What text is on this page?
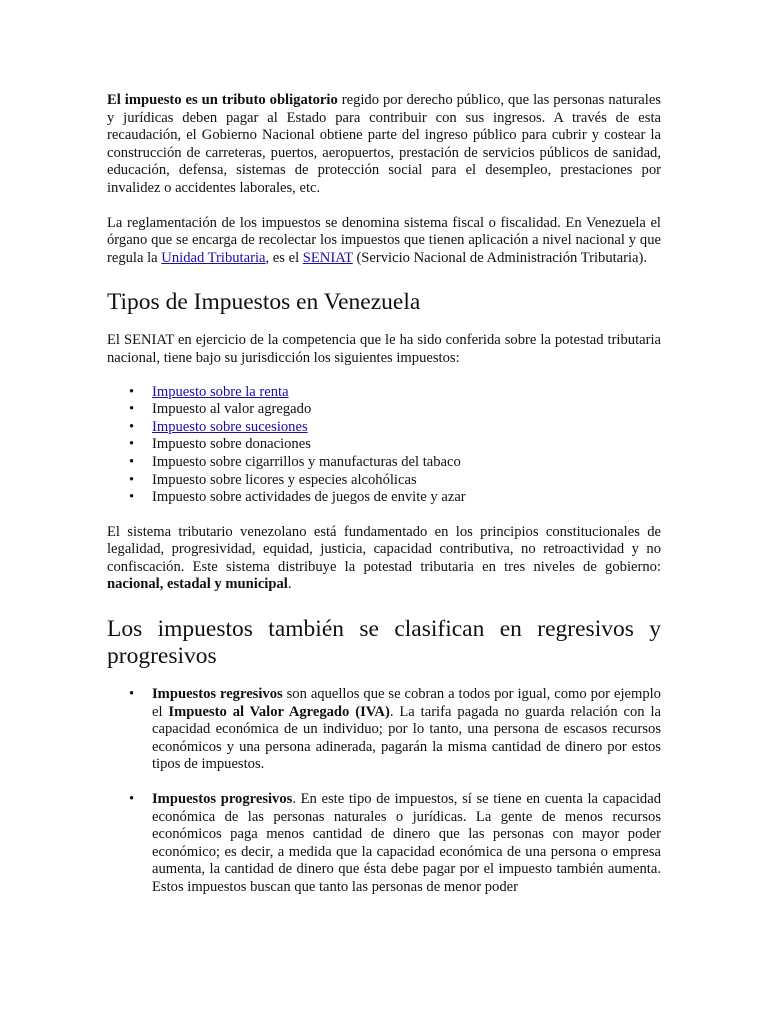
El impuesto es un tributo obligatorio regido por derecho público, que las personas naturales y jurídicas deben pagar al Estado para contribuir con sus ingresos. A través de esta recaudación, el Gobierno Nacional obtiene parte del ingreso público para cubrir y costear la construcción de carreteras, puertos, aeropuertos, prestación de servicios públicos de sanidad, educación, defensa, sistemas de protección social para el desempleo, prestaciones por invalidez o accidentes laborales, etc.

La reglamentación de los impuestos se denomina sistema fiscal o fiscalidad. En Venezuela el órgano que se encarga de recolectar los impuestos que tienen aplicación a nivel nacional y que regula la Unidad Tributaria, es el SENIAT (Servicio Nacional de Administración Tributaria).

Tipos de Impuestos en Venezuela

El SENIAT en ejercicio de la competencia que le ha sido conferida sobre la potestad tributaria nacional, tiene bajo su jurisdicción los siguientes impuestos:

• Impuesto sobre la renta
• Impuesto al valor agregado
• Impuesto sobre sucesiones
• Impuesto sobre donaciones
• Impuesto sobre cigarrillos y manufacturas del tabaco
• Impuesto sobre licores y especies alcohólicas
• Impuesto sobre actividades de juegos de envite y azar

El sistema tributario venezolano está fundamentado en los principios constitucionales de legalidad, progresividad, equidad, justicia, capacidad contributiva, no retroactividad y no confiscación. Este sistema distribuye la potestad tributaria en tres niveles de gobierno: nacional, estadal y municipal.

Los impuestos también se clasifican en regresivos y progresivos
• Impuestos regresivos son aquellos que se cobran a todos por igual, como por ejemplo el Impuesto al Valor Agregado (IVA). La tarifa pagada no guarda relación con la capacidad económica de un individuo; por lo tanto, una persona de escasos recursos económicos y una persona adinerada, pagarán la misma cantidad de dinero por estos tipos de impuestos.
• Impuestos progresivos. En este tipo de impuestos, sí se tiene en cuenta la capacidad económica de las personas naturales o jurídicas. La gente de menos recursos económicos paga menos cantidad de dinero que las personas con mayor poder económico; es decir, a medida que la capacidad económica de una persona o empresa aumenta, la cantidad de dinero que ésta debe pagar por el impuesto también aumenta. Estos impuestos buscan que tanto las personas de menor poder
